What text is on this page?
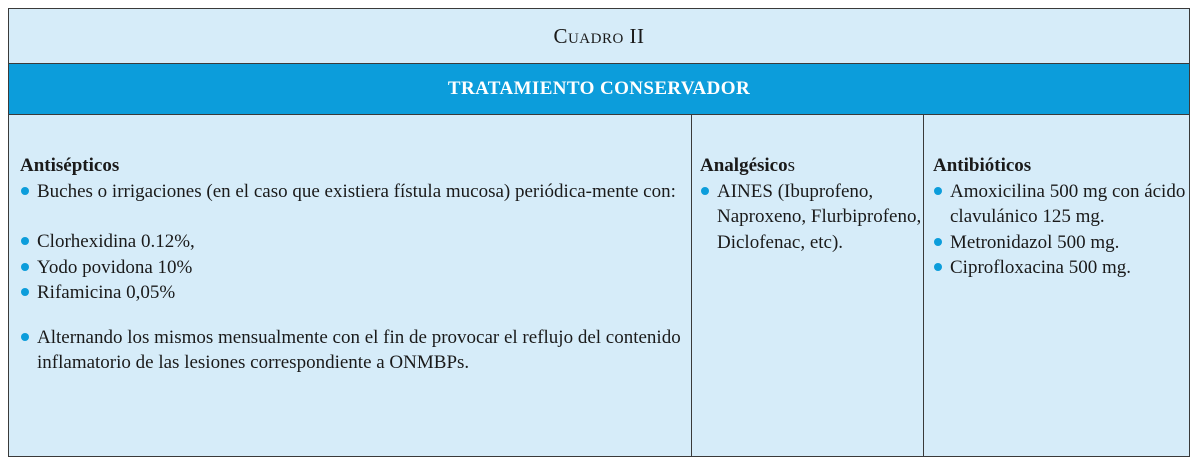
C uadro
II
TRATAMIENTO CONSERVADOR
Antisépticos
Buches o irrigaciones (en el caso que existiera fístula mucosa) periódica-mente con:
Clorhexidina 0.12%,
Yodo povidona 10%
Rifamicina 0,05%
Alternando los mismos mensualmente con el fin de provocar el reflujo del contenido inflamatorio de las lesiones correspondiente a ONMBPs.
Analgésicos
AINES (Ibuprofeno, Naproxeno, Flurbiprofeno, Diclofenac, etc).
Antibióticos
Amoxicilina 500 mg con ácido clavulánico 125 mg.
Metronidazol 500 mg.
Ciprofloxacina 500 mg.
